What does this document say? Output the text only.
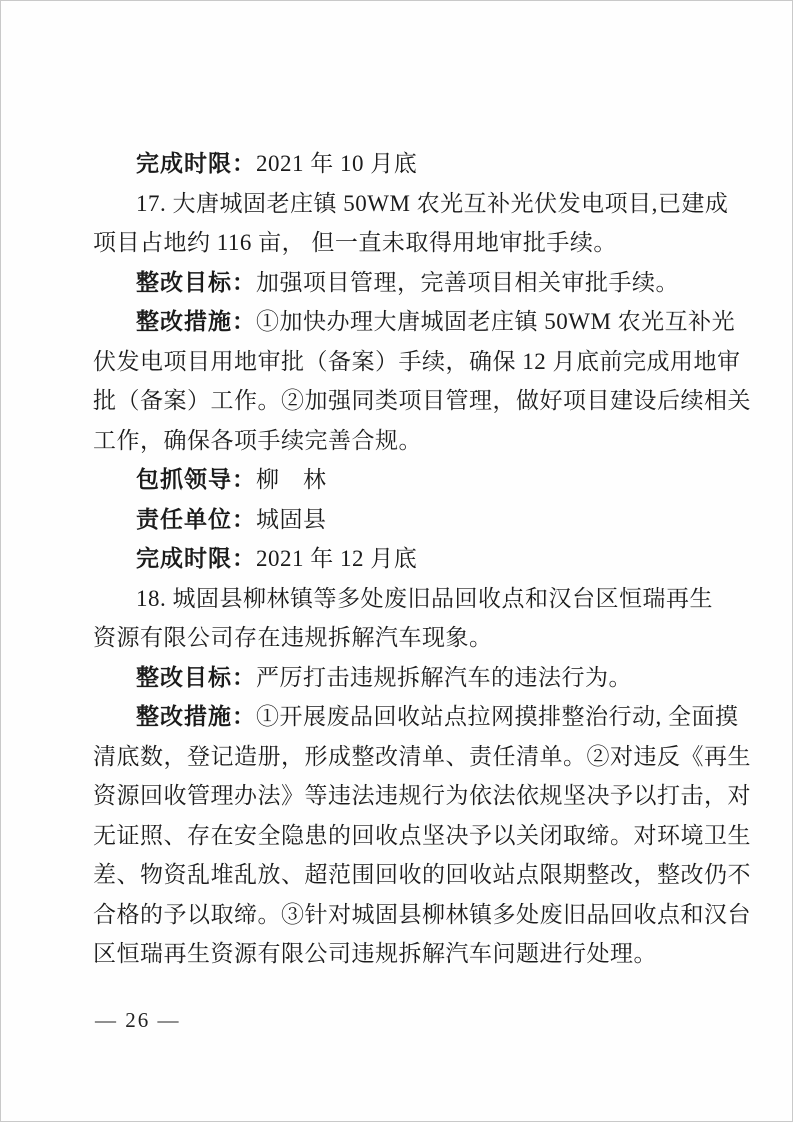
完成时限：2021 年 10 月底
17. 大唐城固老庄镇 50WM 农光互补光伏发电项目,已建成
项目占地约 116 亩， 但一直未取得用地审批手续。
整改目标：加强项目管理，完善项目相关审批手续。
整改措施：①加快办理大唐城固老庄镇 50WM 农光互补光
伏发电项目用地审批（备案）手续，确保 12 月底前完成用地审
批（备案）工作。②加强同类项目管理，做好项目建设后续相关
工作，确保各项手续完善合规。
包抓领导：柳　林
责任单位：城固县
完成时限：2021 年 12 月底
18. 城固县柳林镇等多处废旧品回收点和汉台区恒瑞再生
资源有限公司存在违规拆解汽车现象。
整改目标：严厉打击违规拆解汽车的违法行为。
整改措施：①开展废品回收站点拉网摸排整治行动, 全面摸
清底数，登记造册，形成整改清单、责任清单。②对违反《再生
资源回收管理办法》等违法违规行为依法依规坚决予以打击，对
无证照、存在安全隐患的回收点坚决予以关闭取缔。对环境卫生
差、物资乱堆乱放、超范围回收的回收站点限期整改，整改仍不
合格的予以取缔。③针对城固县柳林镇多处废旧品回收点和汉台
区恒瑞再生资源有限公司违规拆解汽车问题进行处理。
— 26 —
